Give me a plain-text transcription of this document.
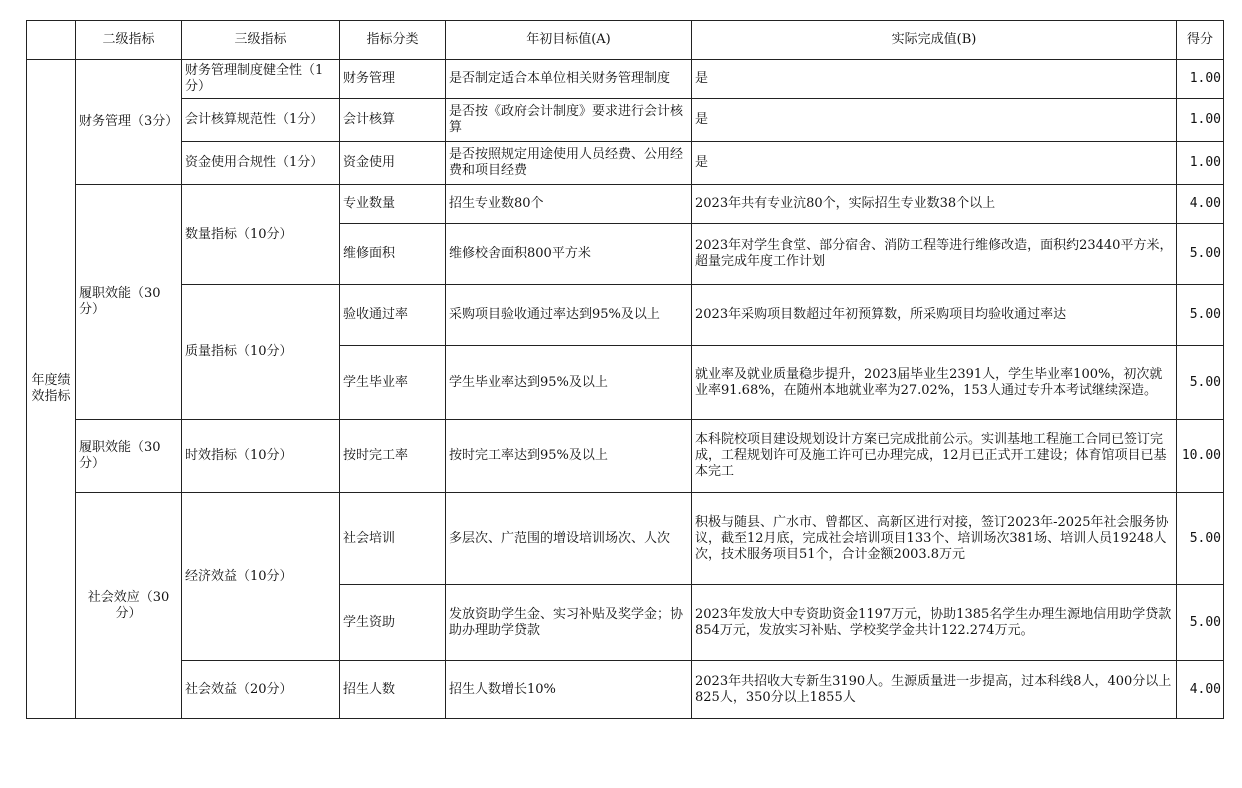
	二级指标	三级指标	指标分类	年初目标值(A)	实际完成值(B)	得分
年度绩效指标	财务管理（3分）	财务管理制度健全性（1分）	财务管理	是否制定适合本单位相关财务管理制度	是	1.00
		会计核算规范性（1分）	会计核算	是否按《政府会计制度》要求进行会计核算	是	1.00
		资金使用合规性（1分）	资金使用	是否按照规定用途使用人员经费、公用经费和项目经费	是	1.00
	履职效能（30分）	数量指标（10分）	专业数量	招生专业数80个	2023年共有专业沆80个，实际招生专业数38个以上	4.00
			维修面积	维修校舍面积800平方米	2023年对学生食堂、部分宿舍、消防工程等进行维修改造，面积约23440平方米，超量完成年度工作计划	5.00
		质量指标（10分）	验收通过率	采购项目验收通过率达到95%及以上	2023年采购项目数超过年初预算数，所采购项目均验收通过率达	5.00
			学生毕业率	学生毕业率达到95%及以上	就业率及就业质量稳步提升，2023届毕业生2391人，学生毕业率100%，初次就业率91.68%，在随州本地就业率为27.02%，153人通过专升本考试继续深造。	5.00
	履职效能（30分）	时效指标（10分）	按时完工率	按时完工率达到95%及以上	本科院校项目建设规划设计方案已完成批前公示。实训基地工程施工合同已签订完成，工程规划许可及施工许可已办理完成，12月已正式开工建设；体育馆项目已基本完工	10.00
	社会效应（30分）	经济效益（10分）	社会培训	多层次、广范围的增设培训场次、人次	积极与随县、广水市、曾都区、高新区进行对接，签订2023年-2025年社会服务协议，截至12月底，完成社会培训项目133个、培训场次381场、培训人员19248人次，技术服务项目51个，合计金额2003.8万元	5.00
			学生资助	发放资助学生金、实习补贴及奖学金；协助办理助学贷款	2023年发放大中专资助资金1197万元，协助1385名学生办理生源地信用助学贷款854万元，发放实习补贴、学校奖学金共计122.274万元。	5.00
		社会效益（20分）	招生人数	招生人数增长10%	2023年共招收大专新生3190人。生源质量进一步提高，过本科线8人，400分以上825人，350分以上1855人	4.00
